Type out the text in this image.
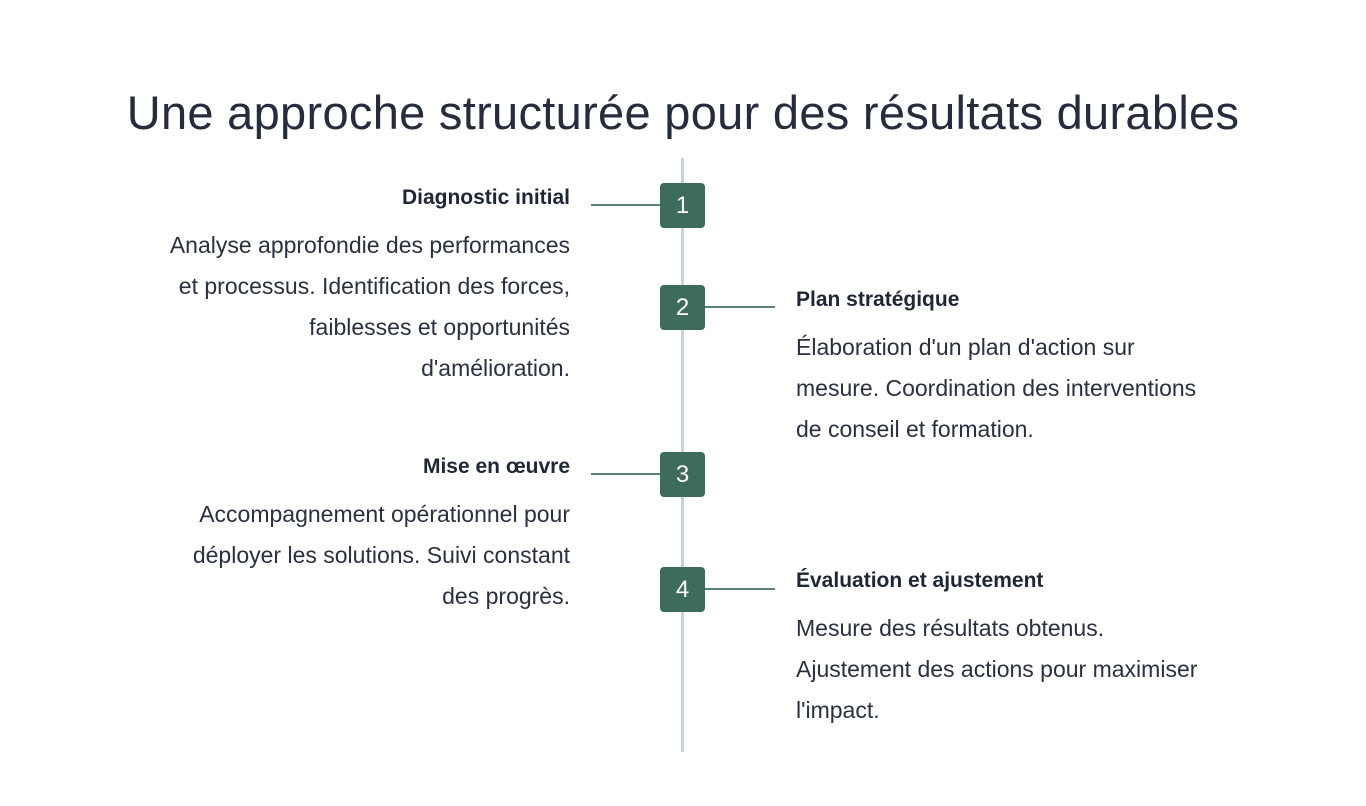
Une approche structurée pour des résultats durables
1
Diagnostic initial
Analyse approfondie des performances
et processus. Identification des forces,
faiblesses et opportunités
d'amélioration.
2	Plan stratégique
Élaboration d'un plan d'action sur
mesure. Coordination des interventions
de conseil et formation.
3
Mise en œuvre
Accompagnement opérationnel pour
déployer les solutions. Suivi constant
des progrès.	4	Évaluation et ajustement
Mesure des résultats obtenus.
Ajustement des actions pour maximiser
l'impact.
